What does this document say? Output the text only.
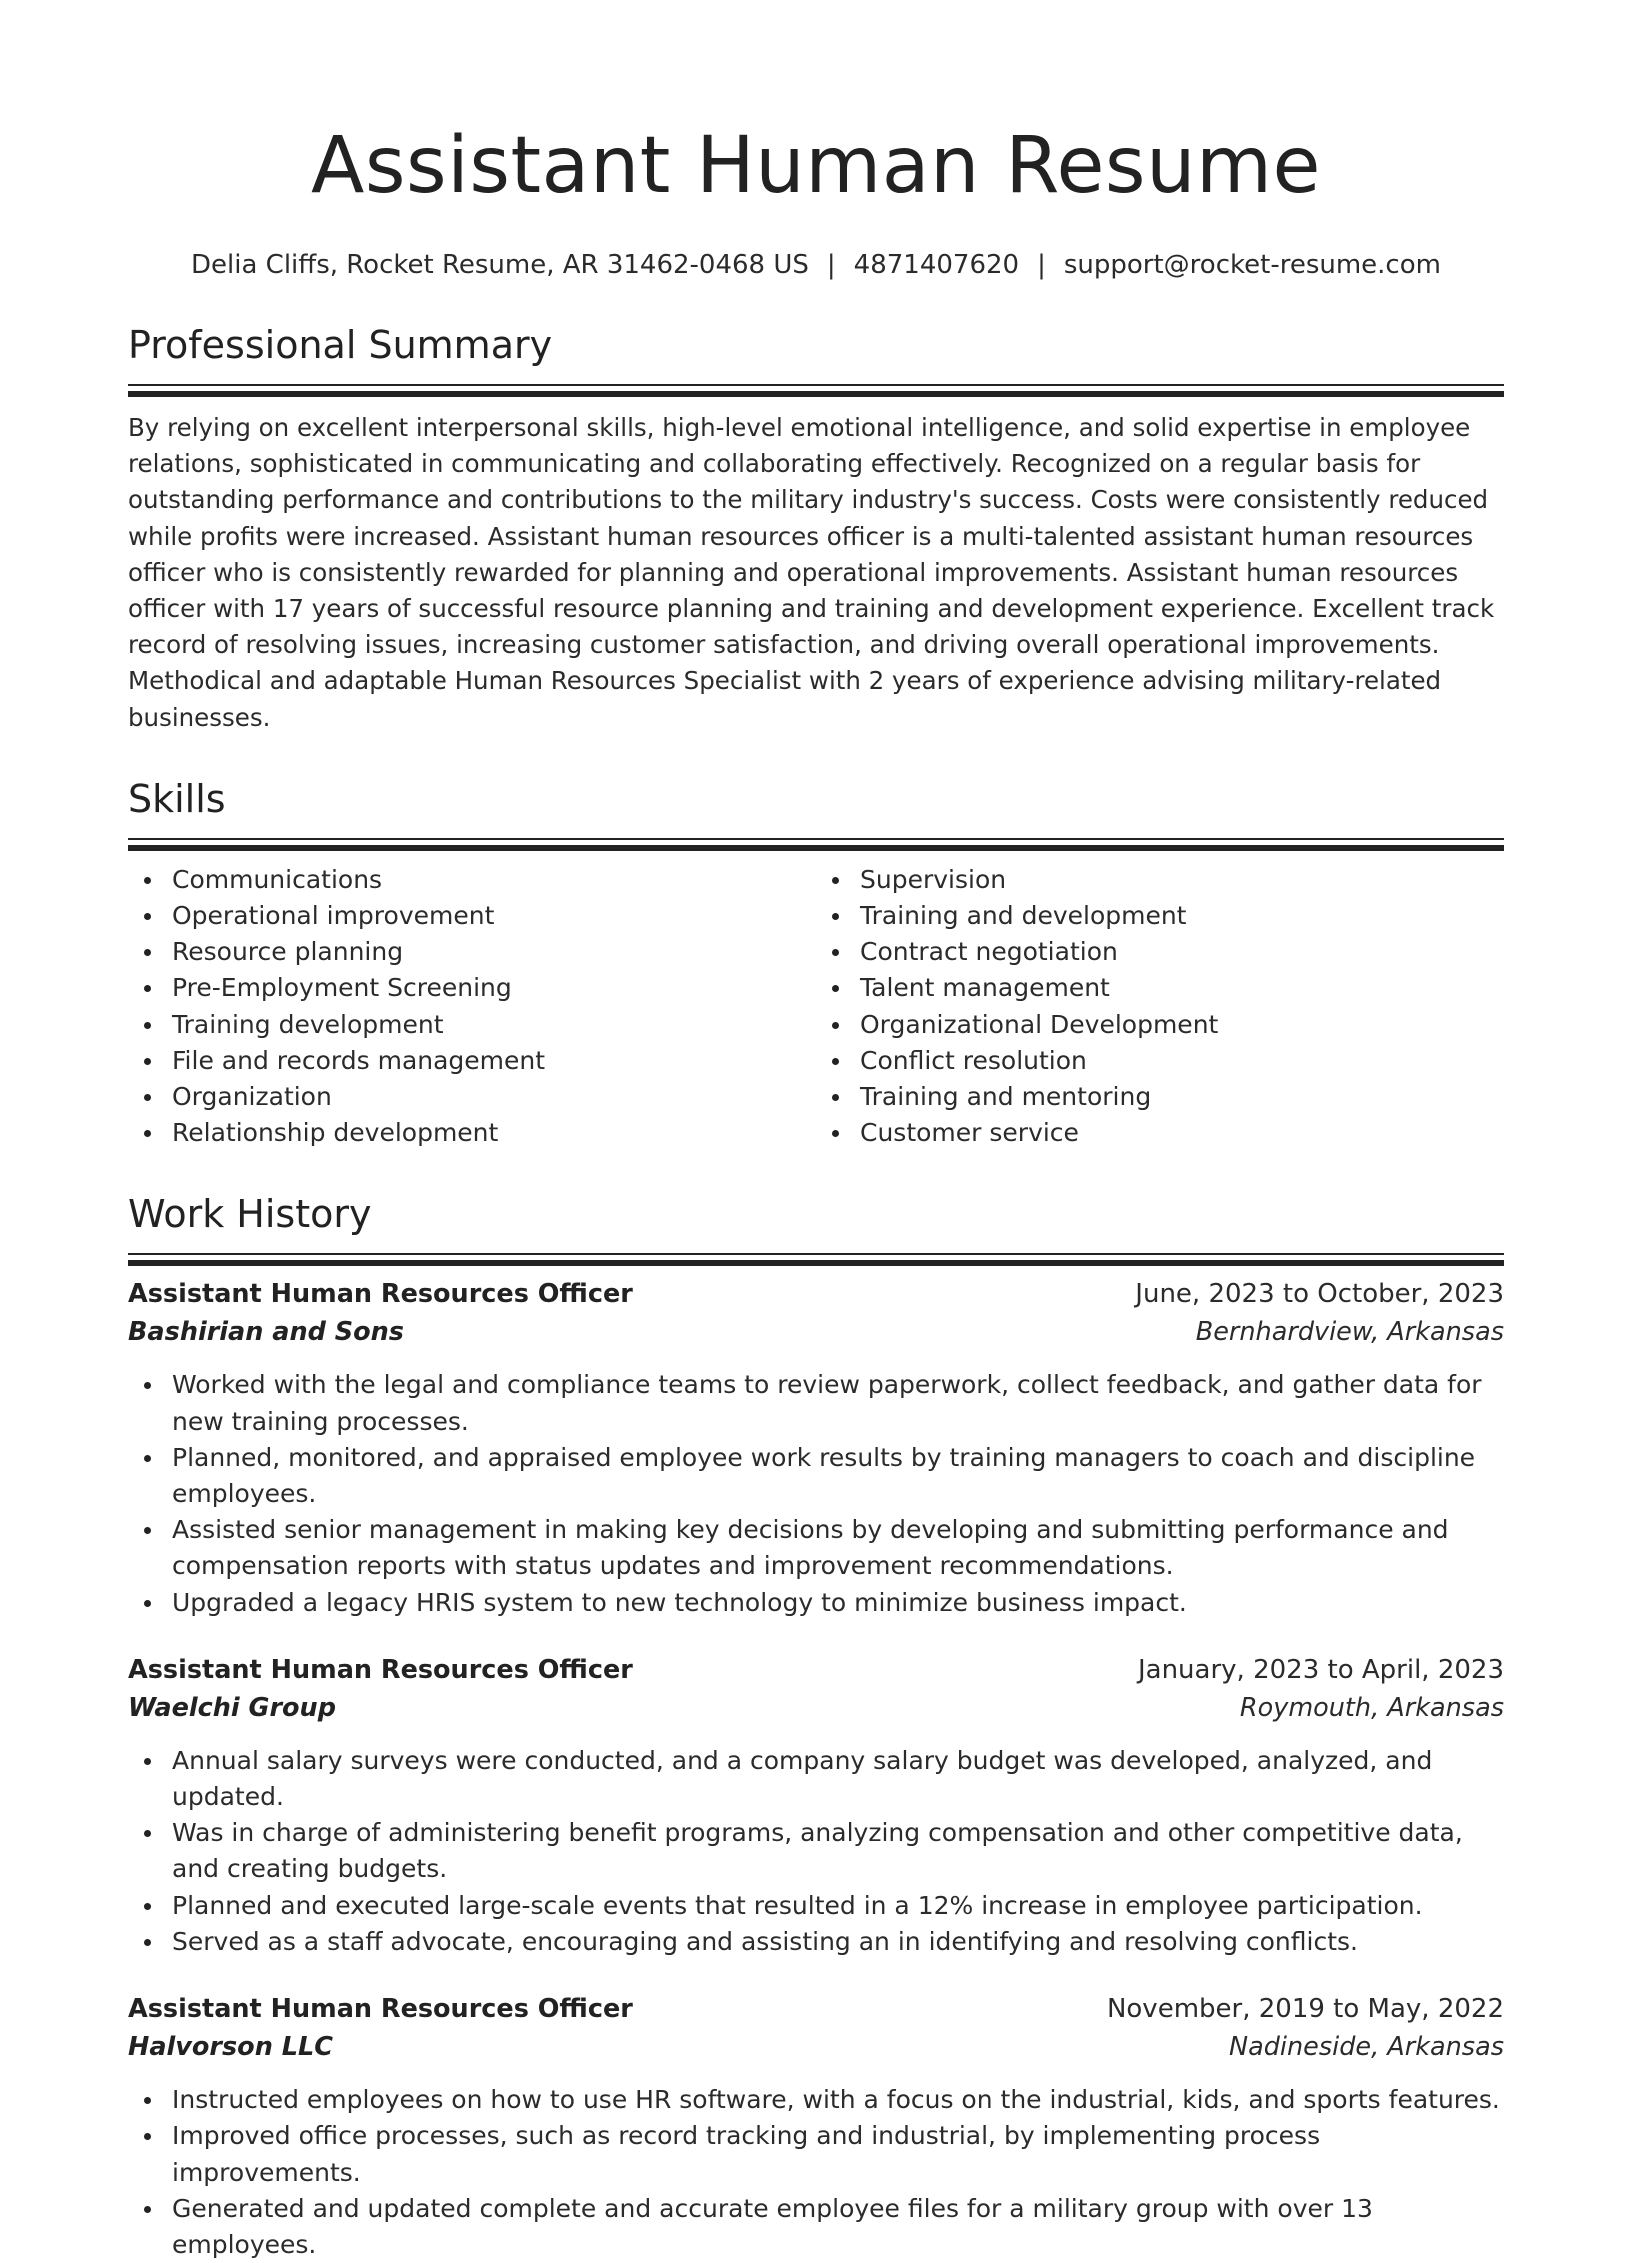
Assistant Human Resume
Delia Cliffs, Rocket Resume, AR 31462-0468 US | 4871407620 | support@rocket-resume.com
Professional Summary

By relying on excellent interpersonal skills, high-level emotional intelligence, and solid expertise in employee relations, sophisticated in communicating and collaborating effectively. Recognized on a regular basis for outstanding performance and contributions to the military industry's success. Costs were consistently reduced while profits were increased. Assistant human resources officer is a multi-talented assistant human resources officer who is consistently rewarded for planning and operational improvements. Assistant human resources officer with 17 years of successful resource planning and training and development experience. Excellent track record of resolving issues, increasing customer satisfaction, and driving overall operational improvements. Methodical and adaptable Human Resources Specialist with 2 years of experience advising military-related businesses.

Skills
Communications
Operational improvement
Resource planning
Pre-Employment Screening
Training development
File and records management
Organization
Relationship development
Supervision
Training and development
Contract negotiation
Talent management
Organizational Development
Conflict resolution
Training and mentoring
Customer service
Work History
Assistant Human Resources Officer	June, 2023 to October, 2023
Bashirian and Sons	Bernhardview, Arkansas
Worked with the legal and compliance teams to review paperwork, collect feedback, and gather data for new training processes.
Planned, monitored, and appraised employee work results by training managers to coach and discipline employees.
Assisted senior management in making key decisions by developing and submitting performance and compensation reports with status updates and improvement recommendations.
Upgraded a legacy HRIS system to new technology to minimize business impact.
Assistant Human Resources Officer	January, 2023 to April, 2023
Waelchi Group	Roymouth, Arkansas
Annual salary surveys were conducted, and a company salary budget was developed, analyzed, and updated.
Was in charge of administering benefit programs, analyzing compensation and other competitive data, and creating budgets.
Planned and executed large-scale events that resulted in a 12% increase in employee participation.
Served as a staff advocate, encouraging and assisting an in identifying and resolving conflicts.
Assistant Human Resources Officer	November, 2019 to May, 2022
Halvorson LLC	Nadineside, Arkansas
Instructed employees on how to use HR software, with a focus on the industrial, kids, and sports features.
Improved office processes, such as record tracking and industrial, by implementing process improvements.
Generated and updated complete and accurate employee files for a military group with over 13 employees.
